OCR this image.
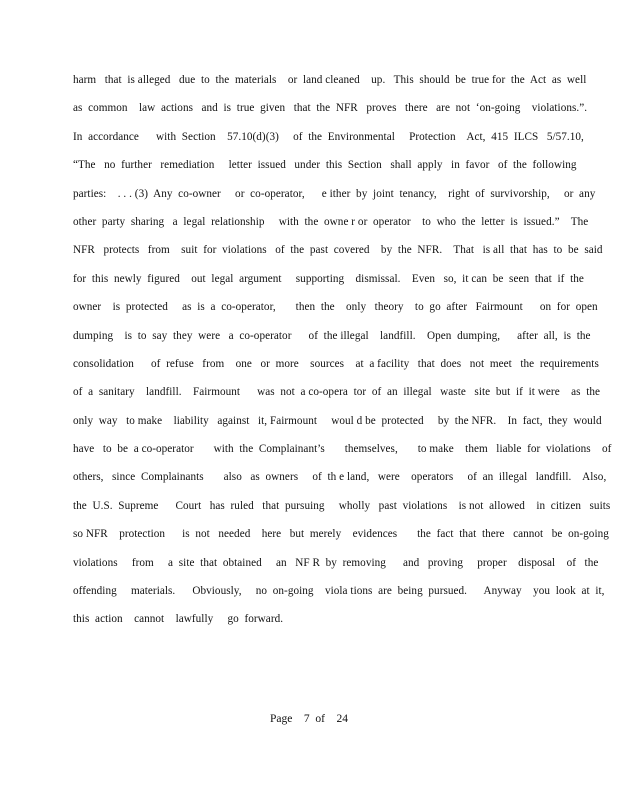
harm   that  is alleged   due  to  the  materials    or  land cleaned    up.   This  should  be  true for  the  Act  as  well
as  common    law  actions   and  is  true  given   that  the  NFR   proves   there   are  not  ‘on-going    violations.”.
In  accordance      with  Section    57.10(d)(3)     of  the  Environmental     Protection    Act,  415  ILCS   5/57.10,
“The   no  further   remediation     letter  issued   under  this  Section   shall  apply   in  favor   of  the  following
parties:    . . . (3)  Any  co-owner     or  co-operator,      e ither  by  joint  tenancy,    right  of  survivorship,     or  any
other  party  sharing   a  legal  relationship     with  the  owne r or  operator    to  who  the  letter  is  issued.”    The
NFR   protects   from    suit  for  violations   of  the  past  covered    by  the  NFR.    That   is all  that  has  to  be  said
for  this  newly  figured    out  legal  argument     supporting    dismissal.    Even   so,  it can  be  seen  that  if  the
owner    is  protected     as  is  a  co-operator,       then  the    only   theory    to  go  after   Fairmount      on  for  open
dumping    is  to  say  they  were   a  co-operator      of  the illegal    landfill.    Open  dumping,      after  all,  is  the
consolidation      of  refuse   from    one   or  more    sources    at  a facility   that  does   not  meet   the  requirements
of  a  sanitary    landfill.    Fairmount      was  not  a co-opera  tor  of  an  illegal   waste   site  but  if  it were    as  the
only  way   to make    liability   against   it, Fairmount     woul d be  protected     by  the NFR.    In  fact,  they  would
have   to  be  a co-operator       with  the  Complainant’s       themselves,       to make    them   liable  for  violations    of
others,   since  Complainants       also   as  owners     of  th e land,   were    operators     of  an  illegal   landfill.    Also,
the  U.S.  Supreme      Court   has  ruled   that  pursuing     wholly   past  violations    is not  allowed    in  citizen   suits
so NFR    protection      is  not   needed    here   but  merely    evidences       the  fact  that  there   cannot   be  on-going
violations     from     a  site  that  obtained     an   NF R  by  removing      and   proving     proper    disposal    of   the
offending     materials.      Obviously,     no  on-going    viola tions  are  being  pursued.      Anyway    you  look  at  it,
this  action    cannot    lawfully     go  forward.
Page    7  of    24
